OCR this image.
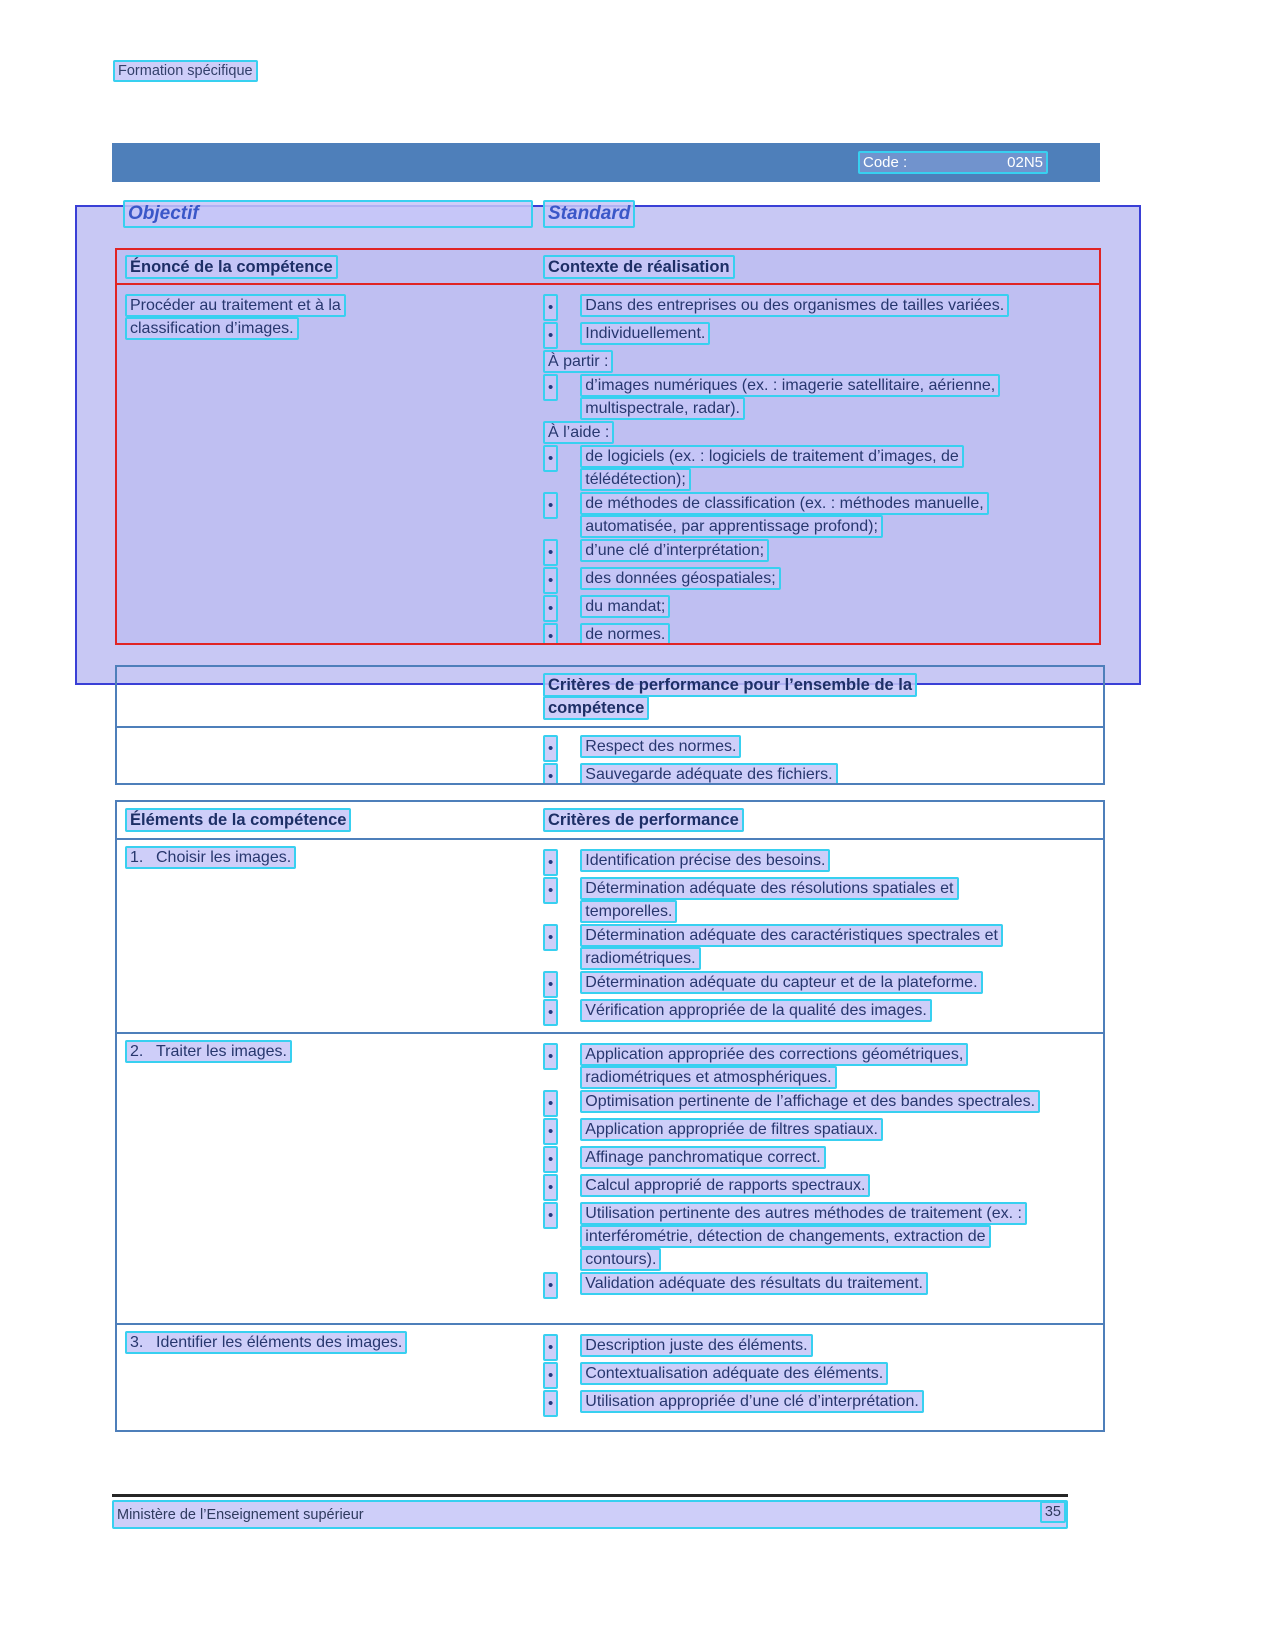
Formation spécifique
Code :	02N5
Objectif	Standard
Énoncé de la compétence	Contexte de réalisation
Procéder au traitement et à la classification d’images.
•	Dans des entreprises ou des organismes de tailles variées.
•	Individuellement.
À partir :
•	d’images numériques (ex. : imagerie satellitaire, aérienne, multispectrale, radar).
À l’aide :
•	de logiciels (ex. : logiciels de traitement d’images, de télédétection);
•	de méthodes de classification (ex. : méthodes manuelle, automatisée, par apprentissage profond);
•	d’une clé d’interprétation;
•	des données géospatiales;
•	du mandat;
•	de normes.
Critères de performance pour l’ensemble de la compétence
•	Respect des normes.
•	Sauvegarde adéquate des fichiers.
Éléments de la compétence	Critères de performance
1. Choisir les images.	•	Identification précise des besoins.
•	Détermination adéquate des résolutions spatiales et temporelles.
•	Détermination adéquate des caractéristiques spectrales et radiométriques.
•	Détermination adéquate du capteur et de la plateforme.
•	Vérification appropriée de la qualité des images.
2. Traiter les images.	•	Application appropriée des corrections géométriques, radiométriques et atmosphériques.
•	Optimisation pertinente de l’affichage et des bandes spectrales.
•	Application appropriée de filtres spatiaux.
•	Affinage panchromatique correct.
•	Calcul approprié de rapports spectraux.
•	Utilisation pertinente des autres méthodes de traitement (ex. : interférométrie, détection de changements, extraction de contours).
•	Validation adéquate des résultats du traitement.
3. Identifier les éléments des images.	•	Description juste des éléments.
•	Contextualisation adéquate des éléments.
•	Utilisation appropriée d’une clé d’interprétation.
Ministère de l’Enseignement supérieur	35
